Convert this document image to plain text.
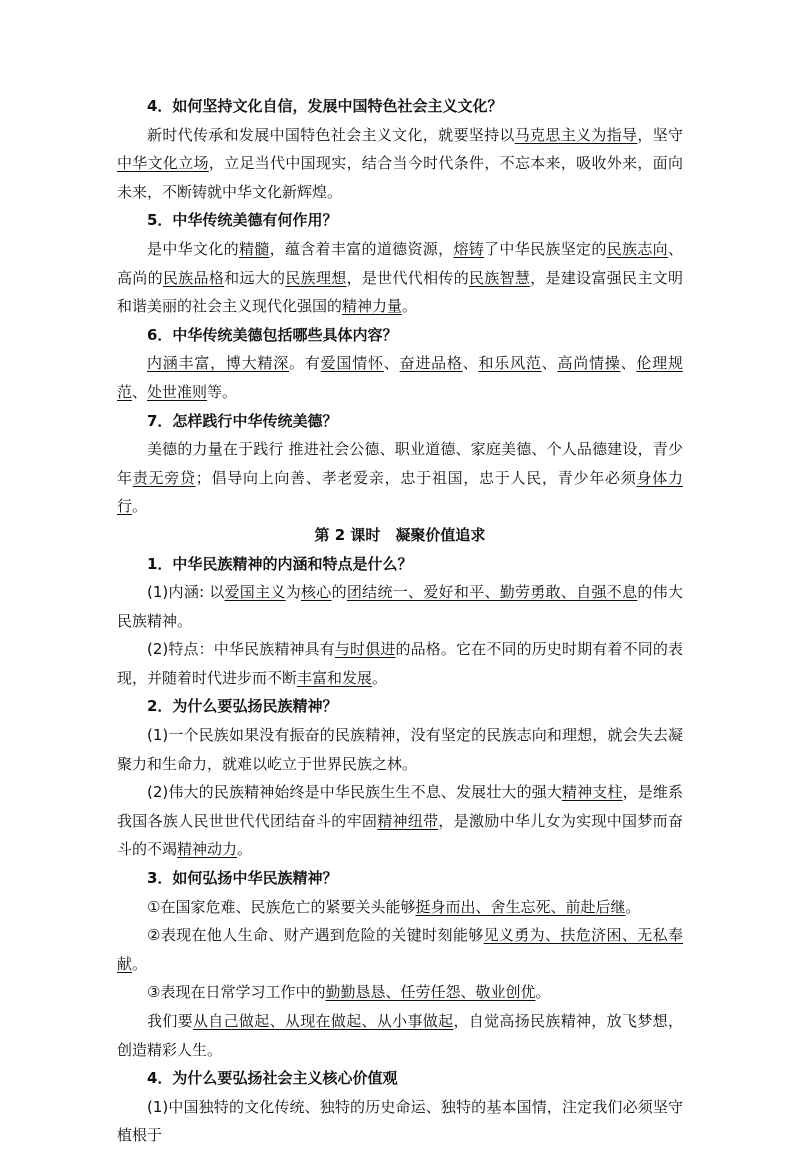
4．如何坚持文化自信，发展中国特色社会主义文化？

新时代传承和发展中国特色社会主义文化，就要坚持以马克思主义为指导，坚守中华文化立场，立足当代中国现实，结合当今时代条件，不忘本来，吸收外来，面向未来，不断铸就中华文化新辉煌。

5．中华传统美德有何作用？

是中华文化的精髓，蕴含着丰富的道德资源，熔铸了中华民族坚定的民族志向、高尚的民族品格和远大的民族理想，是世代代相传的民族智慧，是建设富强民主文明和谐美丽的社会主义现代化强国的精神力量。

6．中华传统美德包括哪些具体内容？

内涵丰富，博大精深。有爱国情怀、奋进品格、和乐风范、高尚情操、伦理规范、处世准则等。

7．怎样践行中华传统美德？

美德的力量在于践行 推进社会公德、职业道德、家庭美德、个人品德建设，青少年责无旁贷；倡导向上向善、孝老爱亲，忠于祖国，忠于人民，青少年必须身体力行。

第 2 课时　凝聚价值追求

1．中华民族精神的内涵和特点是什么？

(1)内涵: 以爱国主义为核心的团结统一、爱好和平、勤劳勇敢、自强不息的伟大民族精神。

(2)特点：中华民族精神具有与时俱进的品格。它在不同的历史时期有着不同的表现，并随着时代进步而不断丰富和发展。

2．为什么要弘扬民族精神？

(1)一个民族如果没有振奋的民族精神，没有坚定的民族志向和理想，就会失去凝聚力和生命力，就难以屹立于世界民族之林。

(2)伟大的民族精神始终是中华民族生生不息、发展壮大的强大精神支柱，是维系我国各族人民世世代代团结奋斗的牢固精神纽带，是激励中华儿女为实现中国梦而奋斗的不竭精神动力。

3．如何弘扬中华民族精神？

①在国家危难、民族危亡的紧要关头能够挺身而出、舍生忘死、前赴后继。

②表现在他人生命、财产遇到危险的关键时刻能够见义勇为、扶危济困、无私奉献。

③表现在日常学习工作中的勤勤恳恳、任劳任怨、敬业创优。

我们要从自己做起、从现在做起、从小事做起，自觉高扬民族精神，放飞梦想，创造精彩人生。

4．为什么要弘扬社会主义核心价值观

(1)中国独特的文化传统、独特的历史命运、独特的基本国情，注定我们必须坚守植根于
